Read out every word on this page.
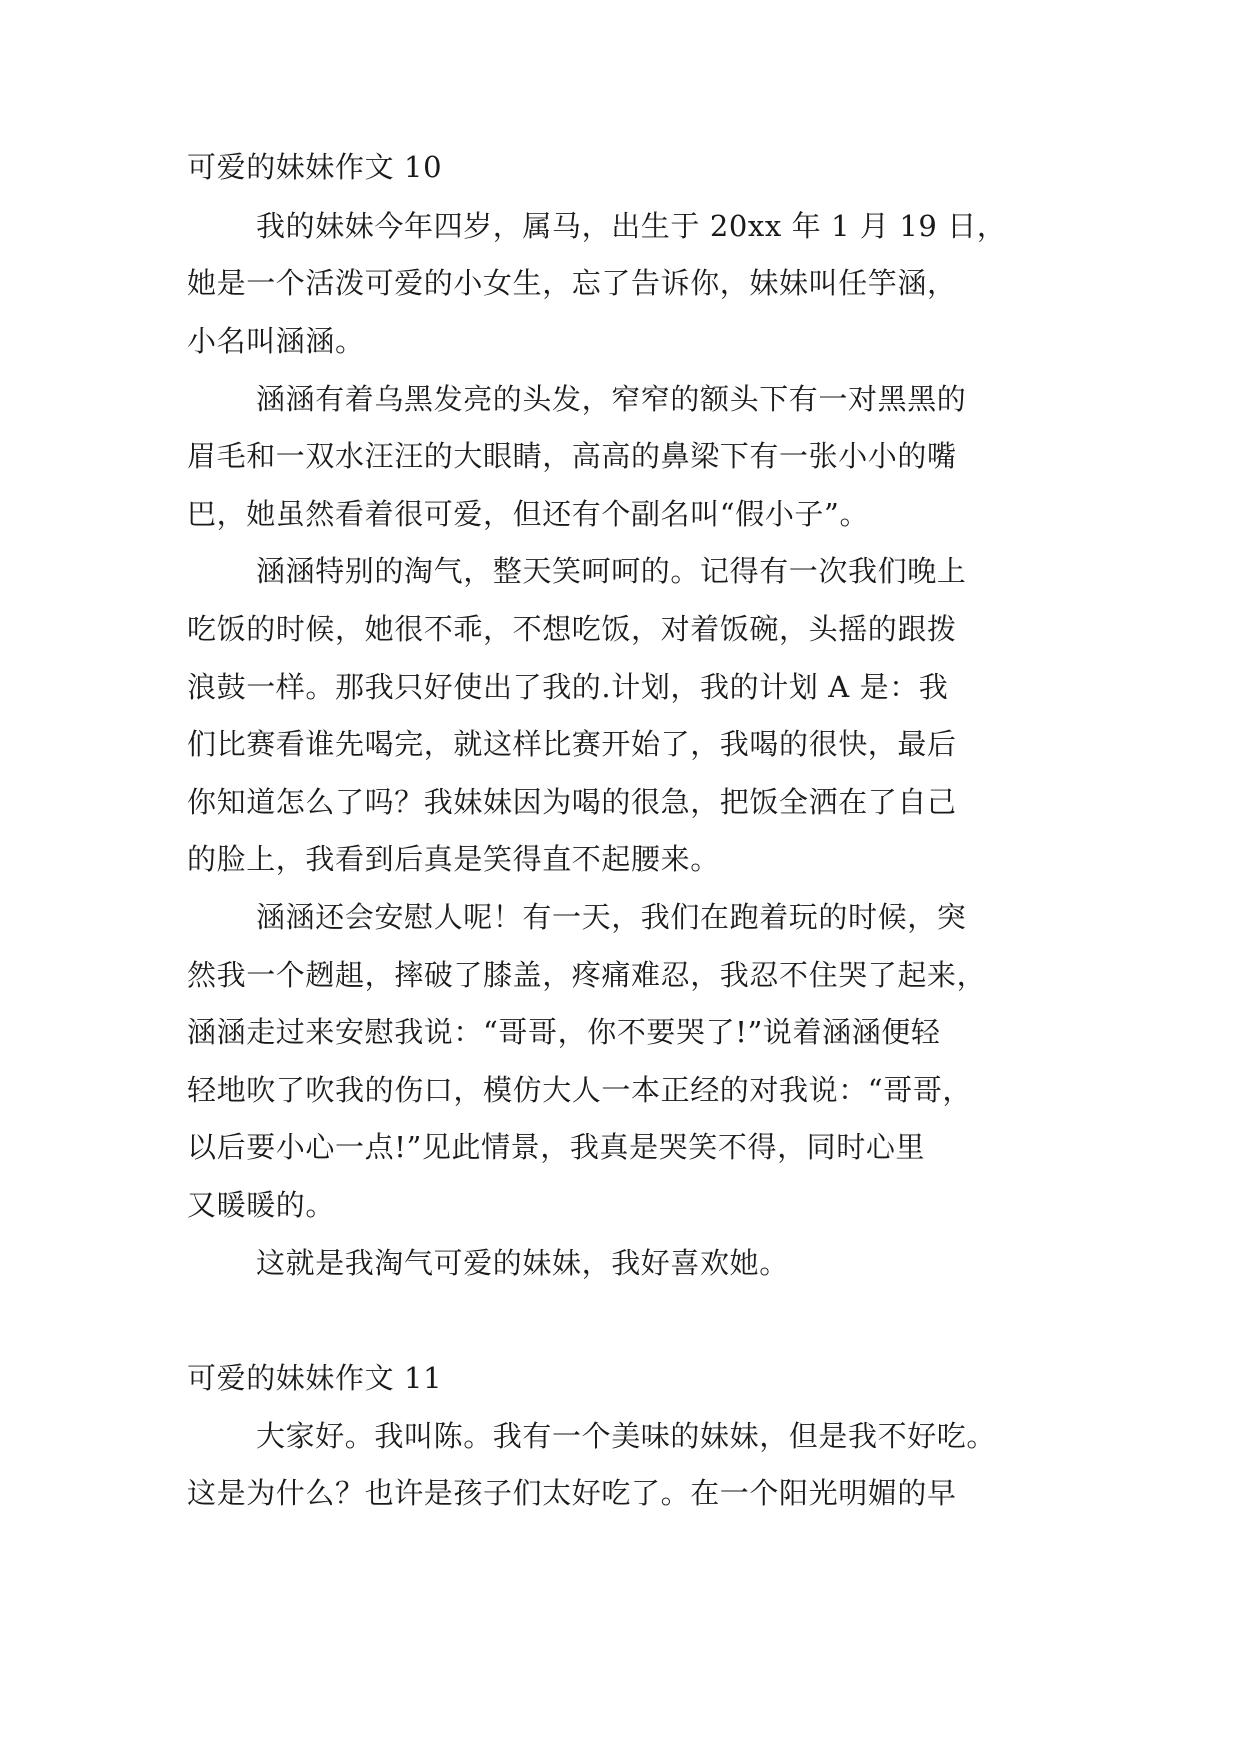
可爱的妹妹作文 10
我的妹妹今年四岁，属马，出生于 20xx 年 1 月 19 日，
她是一个活泼可爱的小女生，忘了告诉你，妹妹叫任竽涵，
小名叫涵涵。
涵涵有着乌黑发亮的头发，窄窄的额头下有一对黑黑的
眉毛和一双水汪汪的大眼睛，高高的鼻梁下有一张小小的嘴
巴，她虽然看着很可爱，但还有个副名叫“假小子”。
涵涵特别的淘气，整天笑呵呵的。记得有一次我们晚上
吃饭的时候，她很不乖，不想吃饭，对着饭碗，头摇的跟拨
浪鼓一样。那我只好使出了我的.计划，我的计划 A 是：我
们比赛看谁先喝完，就这样比赛开始了，我喝的很快，最后
你知道怎么了吗？我妹妹因为喝的很急，把饭全洒在了自己
的脸上，我看到后真是笑得直不起腰来。
涵涵还会安慰人呢！有一天，我们在跑着玩的时候，突
然我一个趔趄，摔破了膝盖，疼痛难忍，我忍不住哭了起来，
涵涵走过来安慰我说：“哥哥，你不要哭了!”说着涵涵便轻
轻地吹了吹我的伤口，模仿大人一本正经的对我说：“哥哥，
以后要小心一点!”见此情景，我真是哭笑不得，同时心里
又暖暖的。
这就是我淘气可爱的妹妹，我好喜欢她。
可爱的妹妹作文 11
大家好。我叫陈。我有一个美味的妹妹，但是我不好吃。
这是为什么？也许是孩子们太好吃了。在一个阳光明媚的早
